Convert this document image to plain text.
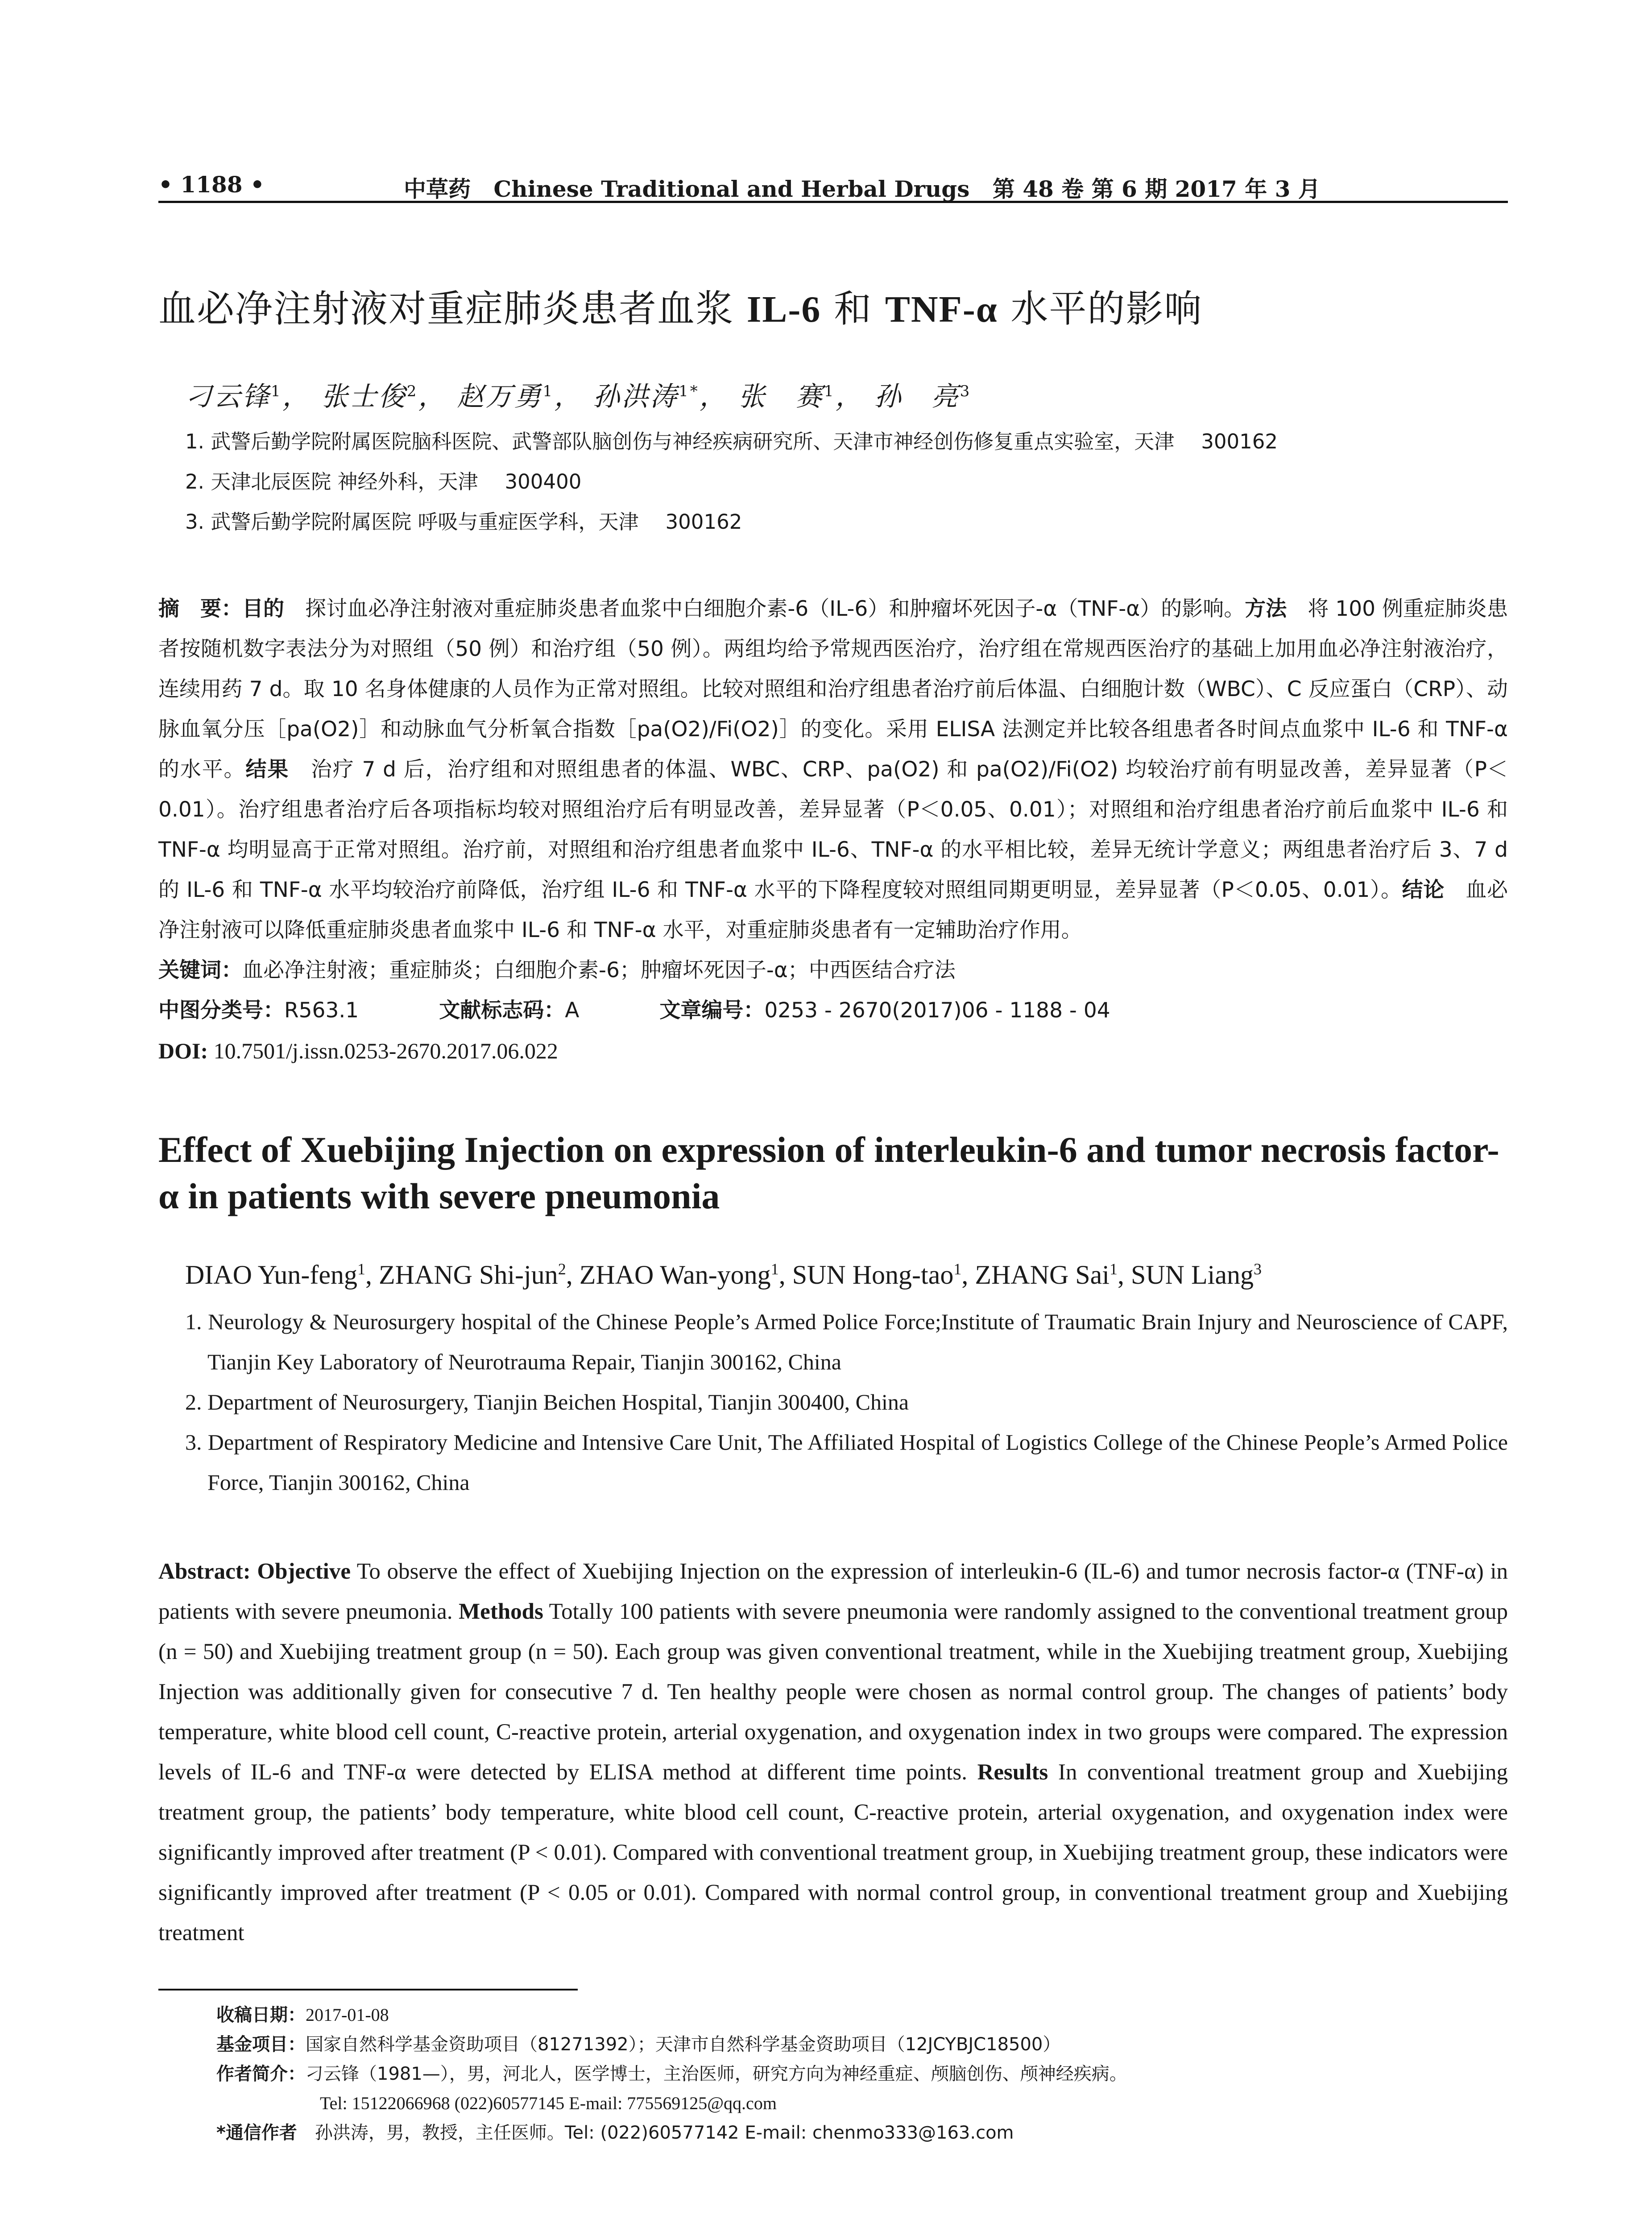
• 1188 •	中草药 Chinese Traditional and Herbal Drugs 第 48 卷 第 6 期 2017 年 3 月
血必净注射液对重症肺炎患者血浆 IL-6 和 TNF-α 水平的影响
刁云锋$^1$， 张士俊$^2$， 赵万勇$^1$， 孙洪涛$^{1*}$， 张　赛$^1$， 孙　亮$^3$
1. 武警后勤学院附属医院脑科医院、武警部队脑创伤与神经疾病研究所、天津市神经创伤修复重点实验室，天津 300162
2. 天津北辰医院 神经外科，天津 300400
3. 武警后勤学院附属医院 呼吸与重症医学科，天津 300162
摘　要：目的　探讨血必净注射液对重症肺炎患者血浆中白细胞介素-6（IL-6）和肿瘤坏死因子-α（TNF-α）的影响。方法　将 100 例重症肺炎患者按随机数字表法分为对照组（50 例）和治疗组（50 例）。两组均给予常规西医治疗，治疗组在常规西医治疗的基础上加用血必净注射液治疗，连续用药 7 d。取 10 名身体健康的人员作为正常对照组。比较对照组和治疗组患者治疗前后体温、白细胞计数（WBC）、C 反应蛋白（CRP）、动脉血氧分压［pa(O2)］和动脉血气分析氧合指数［pa(O2)/Fi(O2)］的变化。采用 ELISA 法测定并比较各组患者各时间点血浆中 IL-6 和 TNF-α 的水平。结果　治疗 7 d 后，治疗组和对照组患者的体温、WBC、CRP、pa(O2) 和 pa(O2)/Fi(O2) 均较治疗前有明显改善，差异显著（P＜0.01）。治疗组患者治疗后各项指标均较对照组治疗后有明显改善，差异显著（P＜0.05、0.01）；对照组和治疗组患者治疗前后血浆中 IL-6 和 TNF-α 均明显高于正常对照组。治疗前，对照组和治疗组患者血浆中 IL-6、TNF-α 的水平相比较，差异无统计学意义；两组患者治疗后 3、7 d 的 IL-6 和 TNF-α 水平均较治疗前降低，治疗组 IL-6 和 TNF-α 水平的下降程度较对照组同期更明显，差异显著（P＜0.05、0.01）。结论　血必净注射液可以降低重症肺炎患者血浆中 IL-6 和 TNF-α 水平，对重症肺炎患者有一定辅助治疗作用。
关键词：血必净注射液；重症肺炎；白细胞介素-6；肿瘤坏死因子-α；中西医结合疗法
中图分类号：R563.1	文献标志码：A	文章编号：0253 - 2670(2017)06 - 1188 - 04
DOI: 10.7501/j.issn.0253-2670.2017.06.022
Effect of Xuebijing Injection on expression of interleukin-6 and tumor necrosis factor-α in patients with severe pneumonia
DIAO Yun-feng$^1$, ZHANG Shi-jun$^2$, ZHAO Wan-yong$^1$, SUN Hong-tao$^1$, ZHANG Sai$^1$, SUN Liang$^3$
1. Neurology & Neurosurgery hospital of the Chinese People’s Armed Police Force;Institute of Traumatic Brain Injury and Neuroscience of CAPF, Tianjin Key Laboratory of Neurotrauma Repair, Tianjin 300162, China
2. Department of Neurosurgery, Tianjin Beichen Hospital, Tianjin 300400, China
3. Department of Respiratory Medicine and Intensive Care Unit, The Affiliated Hospital of Logistics College of the Chinese People’s Armed Police Force, Tianjin 300162, China
Abstract: Objective To observe the effect of Xuebijing Injection on the expression of interleukin-6 (IL-6) and tumor necrosis factor-α (TNF-α) in patients with severe pneumonia. Methods Totally 100 patients with severe pneumonia were randomly assigned to the conventional treatment group (n = 50) and Xuebijing treatment group (n = 50). Each group was given conventional treatment, while in the Xuebijing treatment group, Xuebijing Injection was additionally given for consecutive 7 d. Ten healthy people were chosen as normal control group. The changes of patients’ body temperature, white blood cell count, C-reactive protein, arterial oxygenation, and oxygenation index in two groups were compared. The expression levels of IL-6 and TNF-α were detected by ELISA method at different time points. Results In conventional treatment group and Xuebijing treatment group, the patients’ body temperature, white blood cell count, C-reactive protein, arterial oxygenation, and oxygenation index were significantly improved after treatment (P < 0.01). Compared with conventional treatment group, in Xuebijing treatment group, these indicators were significantly improved after treatment (P < 0.05 or 0.01). Compared with normal control group, in conventional treatment group and Xuebijing treatment
收稿日期：2017-01-08
基金项目：国家自然科学基金资助项目（81271392）；天津市自然科学基金资助项目（12JCYBJC18500）
作者简介：刁云锋（1981—），男，河北人，医学博士，主治医师，研究方向为神经重症、颅脑创伤、颅神经疾病。
Tel: 15122066968 (022)60577145 E-mail: 775569125@qq.com
*通信作者　孙洪涛，男，教授，主任医师。Tel: (022)60577142 E-mail: chenmo333@163.com
